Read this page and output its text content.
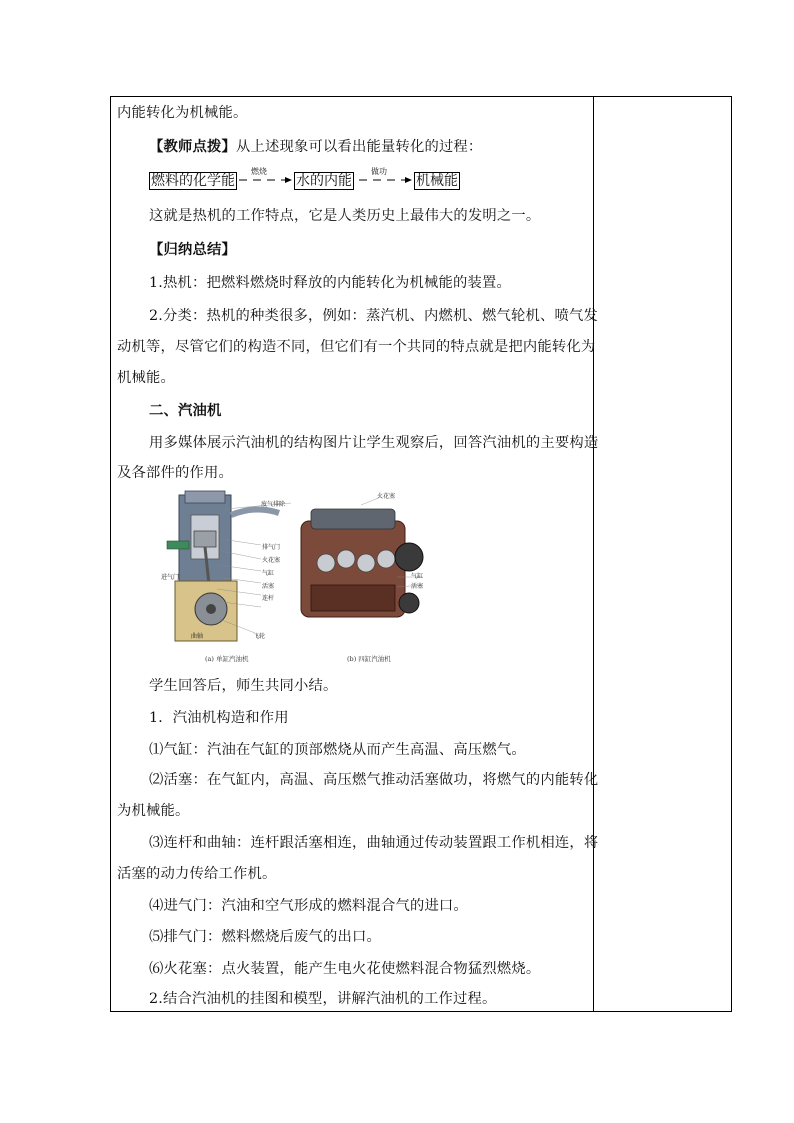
内能转化为机械能。
【教师点拨】从上述现象可以看出能量转化的过程：
燃料的化学能
燃烧
水的内能
做功
机械能
这就是热机的工作特点，它是人类历史上最伟大的发明之一。
【归纳总结】
1.热机：把燃料燃烧时释放的内能转化为机械能的装置。
2.分类：热机的种类很多，例如：蒸汽机、内燃机、燃气轮机、喷气发
动机等，尽管它们的构造不同，但它们有一个共同的特点就是把内能转化为
机械能。
二、汽油机
用多媒体展示汽油机的结构图片让学生观察后，回答汽油机的主要构造
及各部件的作用。
废气排除
排气门
进气门
火花塞
气缸
活塞
连杆
曲轴	飞轮
火花塞
气缸
活塞
(a) 单缸汽油机	(b) 四缸汽油机
学生回答后，师生共同小结。
1．汽油机构造和作用
⑴气缸：汽油在气缸的顶部燃烧从而产生高温、高压燃气。
⑵活塞：在气缸内，高温、高压燃气推动活塞做功，将燃气的内能转化
为机械能。
⑶连杆和曲轴：连杆跟活塞相连，曲轴通过传动装置跟工作机相连，将
活塞的动力传给工作机。
⑷进气门：汽油和空气形成的燃料混合气的进口。
⑸排气门：燃料燃烧后废气的出口。
⑹火花塞：点火装置，能产生电火花使燃料混合物猛烈燃烧。
2.结合汽油机的挂图和模型，讲解汽油机的工作过程。
